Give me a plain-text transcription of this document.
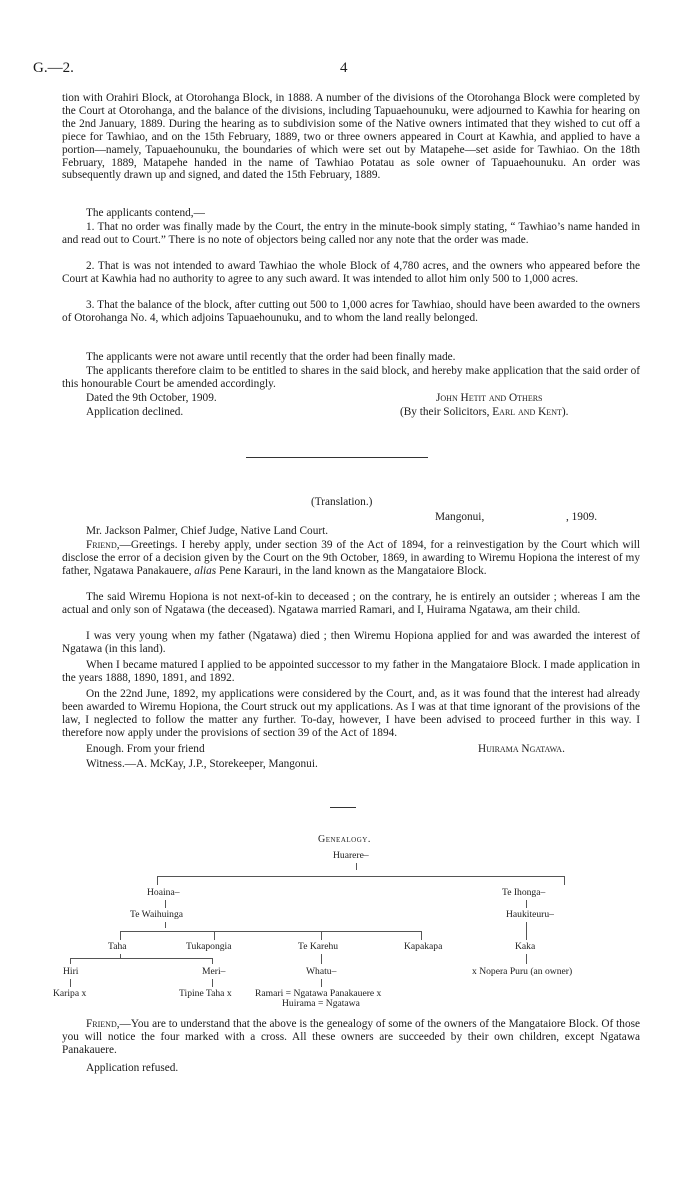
G.—2.	4

tion with Orahiri Block, at Otorohanga Block, in 1888. A number of the divisions of the Otorohanga Block were completed by the Court at Otorohanga, and the balance of the divisions, including Tapuaehounuku, were adjourned to Kawhia for hearing on the 2nd January, 1889. During the hearing as to subdivision some of the Native owners intimated that they wished to cut off a piece for Tawhiao, and on the 15th February, 1889, two or three owners appeared in Court at Kawhia, and applied to have a portion—namely, Tapuaehounuku, the boundaries of which were set out by Matapehe—set aside for Tawhiao. On the 18th February, 1889, Matapehe handed in the name of Tawhiao Potatau as sole owner of Tapuaehounuku. An order was subsequently drawn up and signed, and dated the 15th February, 1889.

The applicants contend,—

1. That no order was finally made by the Court, the entry in the minute-book simply stating, “ Tawhiao’s name handed in and read out to Court.” There is no note of objectors being called nor any note that the order was made.

2. That is was not intended to award Tawhiao the whole Block of 4,780 acres, and the owners who appeared before the Court at Kawhia had no authority to agree to any such award. It was intended to allot him only 500 to 1,000 acres.

3. That the balance of the block, after cutting out 500 to 1,000 acres for Tawhiao, should have been awarded to the owners of Otorohanga No. 4, which adjoins Tapuaehounuku, and to whom the land really belonged.

The applicants were not aware until recently that the order had been finally made.

The applicants therefore claim to be entitled to shares in the said block, and hereby make application that the said order of this honourable Court be amended accordingly.

Dated the 9th October, 1909.	John Hetit and Others
Application declined.	(By their Solicitors, Earl and Kent).
(Translation.)
Mangonui,	, 1909.
Mr. Jackson Palmer, Chief Judge, Native Land Court.

Friend,—Greetings. I hereby apply, under section 39 of the Act of 1894, for a reinvestigation by the Court which will disclose the error of a decision given by the Court on the 9th October, 1869, in awarding to Wiremu Hopiona the interest of my father, Ngatawa Panakauere, alias Pene Karauri, in the land known as the Mangataiore Block.

The said Wiremu Hopiona is not next-of-kin to deceased ; on the contrary, he is entirely an outsider ; whereas I am the actual and only son of Ngatawa (the deceased). Ngatawa married Ramari, and I, Huirama Ngatawa, am their child.

I was very young when my father (Ngatawa) died ; then Wiremu Hopiona applied for and was awarded the interest of Ngatawa (in this land).

When I became matured I applied to be appointed successor to my father in the Mangataiore Block. I made application in the years 1888, 1890, 1891, and 1892.

On the 22nd June, 1892, my applications were considered by the Court, and, as it was found that the interest had already been awarded to Wiremu Hopiona, the Court struck out my applications. As I was at that time ignorant of the provisions of the law, I neglected to follow the matter any further. To-day, however, I have been advised to proceed further in this way. I therefore now apply under the provisions of section 39 of the Act of 1894.

Enough. From your friend	Huirama Ngatawa.
Witness.—A. McKay, J.P., Storekeeper, Mangonui.
Genealogy.
Huarere–
Hoaina–	Te Ihonga–
Te Waihuinga	Haukiteuru–
Taha	Tukapongia	Te Karehu	Kapakapa	Kaka
Hiri	Meri–	Whatu–	x Nopera Puru (an owner)
Karipa x	Tipine Taha x Ramari = Ngatawa Panakauere x
Huirama = Ngatawa

Friend,—You are to understand that the above is the genealogy of some of the owners of the Mangataiore Block. Of those you will notice the four marked with a cross. All these owners are succeeded by their own children, except Ngatawa Panakauere.

Application refused.
